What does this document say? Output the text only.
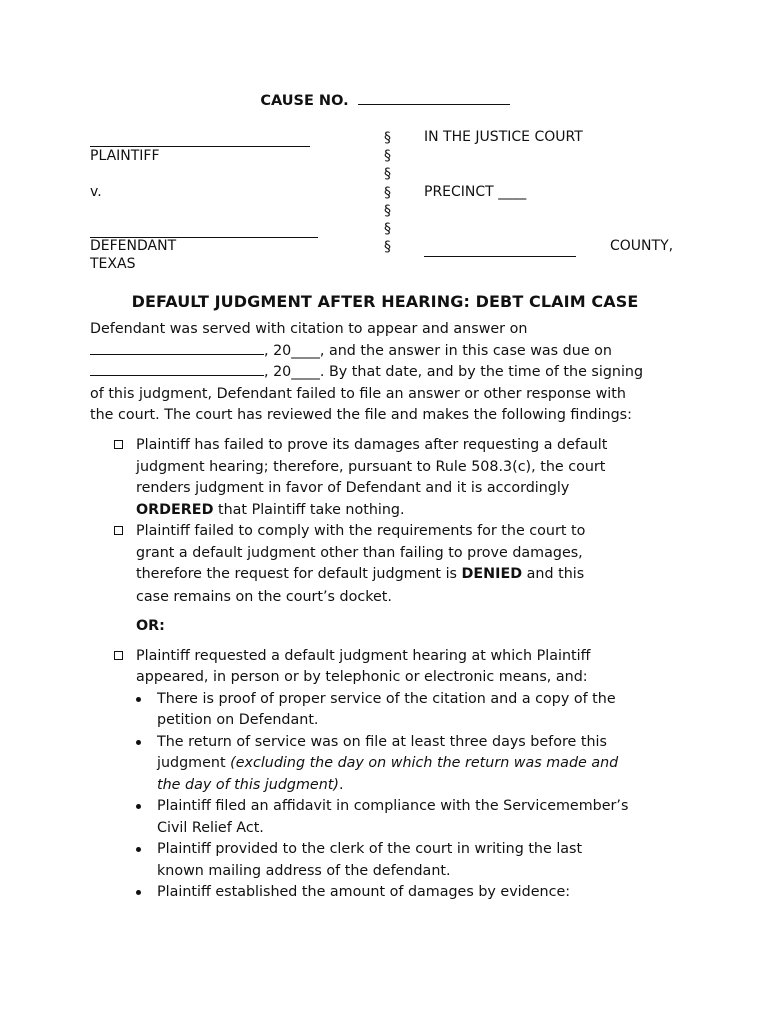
CAUSE NO.
PLAINTIFF
v.
DEFENDANT
TEXAS
§
§
§
§
§
§
§
IN THE JUSTICE COURT
PRECINCT ____
COUNTY,
DEFAULT JUDGMENT AFTER HEARING: DEBT CLAIM CASE
Defendant was served with citation to appear and answer on
, 20____, and the answer in this case was due on
, 20____. By that date, and by the time of the signing
of this judgment, Defendant failed to file an answer or other response with
the court. The court has reviewed the file and makes the following findings:
Plaintiff has failed to prove its damages after requesting a default
judgment hearing; therefore, pursuant to Rule 508.3(c), the court
renders judgment in favor of Defendant and it is accordingly
ORDERED that Plaintiff take nothing.
Plaintiff failed to comply with the requirements for the court to
grant a default judgment other than failing to prove damages,
therefore the request for default judgment is DENIED and this
case remains on the court’s docket.
OR:
Plaintiff requested a default judgment hearing at which Plaintiff
appeared, in person or by telephonic or electronic means, and:
There is proof of proper service of the citation and a copy of the
petition on Defendant.
The return of service was on file at least three days before this
judgment (excluding the day on which the return was made and
the day of this judgment).
Plaintiff filed an affidavit in compliance with the Servicemember’s
Civil Relief Act.
Plaintiff provided to the clerk of the court in writing the last
known mailing address of the defendant.
Plaintiff established the amount of damages by evidence:
